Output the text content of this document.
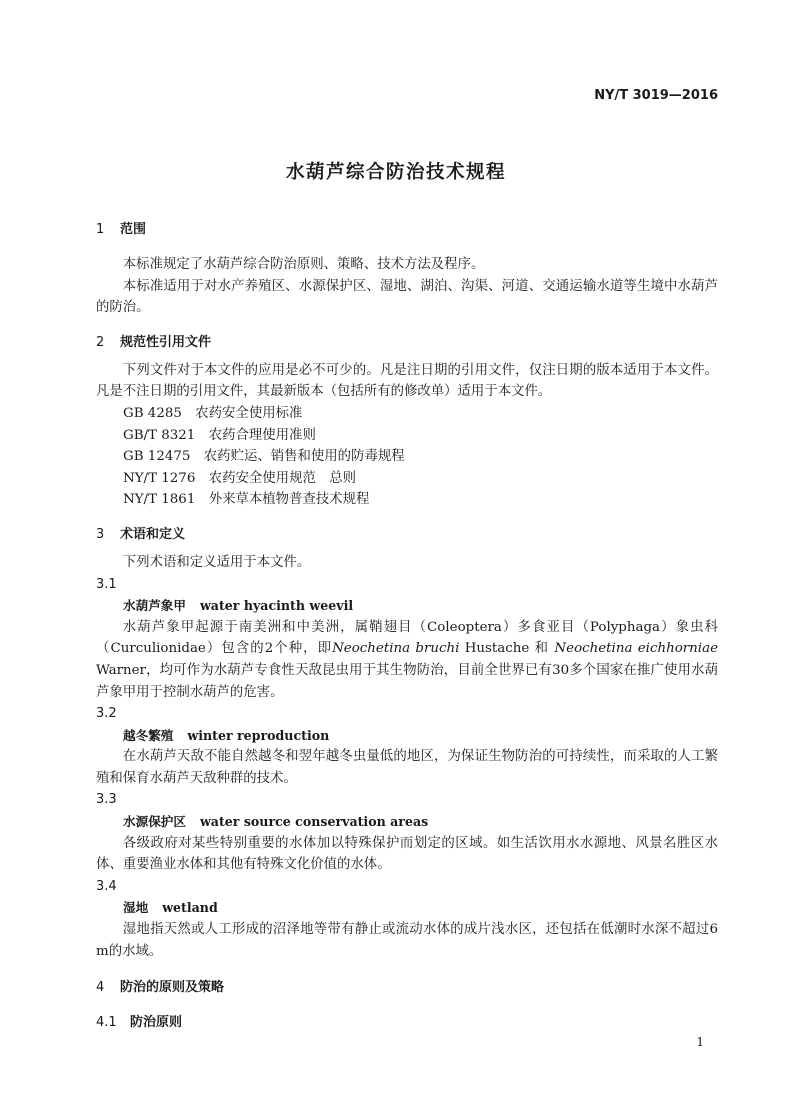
NY/T 3019—2016
水葫芦综合防治技术规程
1 范围

本标准规定了水葫芦综合防治原则、策略、技术方法及程序。

本标准适用于对水产养殖区、水源保护区、湿地、湖泊、沟渠、河道、交通运输水道等生境中水葫芦的防治。

2 规范性引用文件

下列文件对于本文件的应用是必不可少的。凡是注日期的引用文件，仅注日期的版本适用于本文件。凡是不注日期的引用文件，其最新版本（包括所有的修改单）适用于本文件。

GB 4285　农药安全使用标准
GB/T 8321　农药合理使用准则
GB 12475　农药贮运、销售和使用的防毒规程
NY/T 1276　农药安全使用规范　总则
NY/T 1861　外来草本植物普查技术规程
3 术语和定义

下列术语和定义适用于本文件。

3.1
水葫芦象甲 water hyacinth weevil

水葫芦象甲起源于南美洲和中美洲，属鞘翅目（Coleoptera）多食亚目（Polyphaga）象虫科（Curculionidae）包含的2个种，即Neochetina bruchi Hustache 和 Neochetina eichhorniae Warner，均可作为水葫芦专食性天敌昆虫用于其生物防治，目前全世界已有30多个国家在推广使用水葫芦象甲用于控制水葫芦的危害。

3.2
越冬繁殖 winter reproduction

在水葫芦天敌不能自然越冬和翌年越冬虫量低的地区，为保证生物防治的可持续性，而采取的人工繁殖和保育水葫芦天敌种群的技术。

3.3
水源保护区 water source conservation areas

各级政府对某些特别重要的水体加以特殊保护而划定的区域。如生活饮用水水源地、风景名胜区水体、重要渔业水体和其他有特殊文化价值的水体。

3.4
湿地 wetland

湿地指天然或人工形成的沼泽地等带有静止或流动水体的成片浅水区，还包括在低潮时水深不超过6 m的水域。

4 防治的原则及策略
4.1 防治原则
1
